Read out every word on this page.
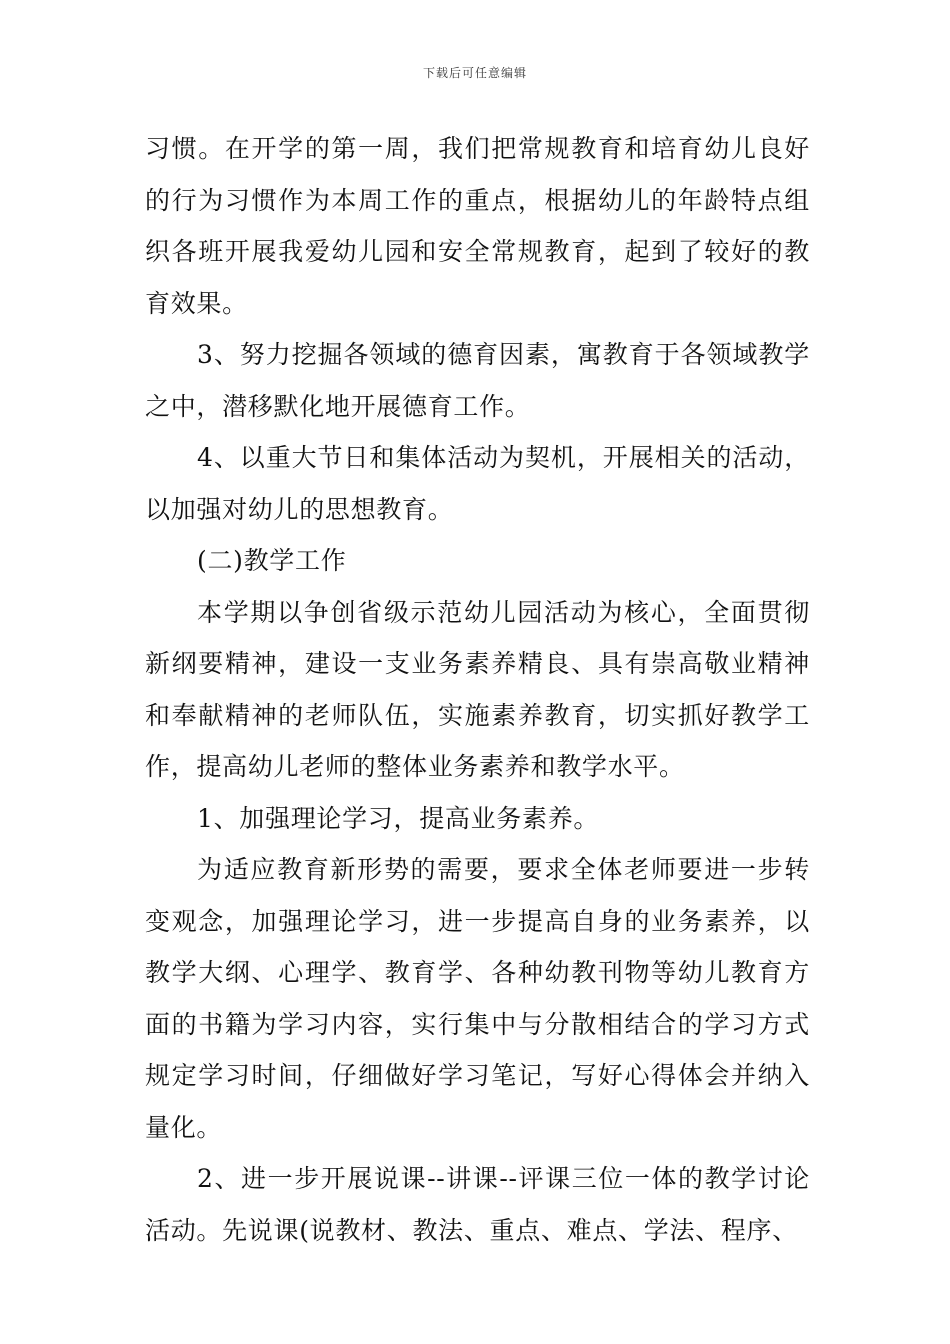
下载后可任意编辑

习惯。在开学的第一周，我们把常规教育和培育幼儿良好的行为习惯作为本周工作的重点，根据幼儿的年龄特点组织各班开展我爱幼儿园和安全常规教育，起到了较好的教育效果。

3、努力挖掘各领域的德育因素，寓教育于各领域教学之中，潜移默化地开展德育工作。

4、以重大节日和集体活动为契机，开展相关的活动，以加强对幼儿的思想教育。

(二)教学工作

本学期以争创省级示范幼儿园活动为核心，全面贯彻新纲要精神，建设一支业务素养精良、具有崇高敬业精神和奉献精神的老师队伍，实施素养教育，切实抓好教学工作，提高幼儿老师的整体业务素养和教学水平。

1、加强理论学习，提高业务素养。

为适应教育新形势的需要，要求全体老师要进一步转变观念，加强理论学习，进一步提高自身的业务素养，以教学大纲、心理学、教育学、各种幼教刊物等幼儿教育方面的书籍为学习内容，实行集中与分散相结合的学习方式规定学习时间，仔细做好学习笔记，写好心得体会并纳入量化。

2、进一步开展说课--讲课--评课三位一体的教学讨论活动。先说课(说教材、教法、重点、难点、学法、程序、
